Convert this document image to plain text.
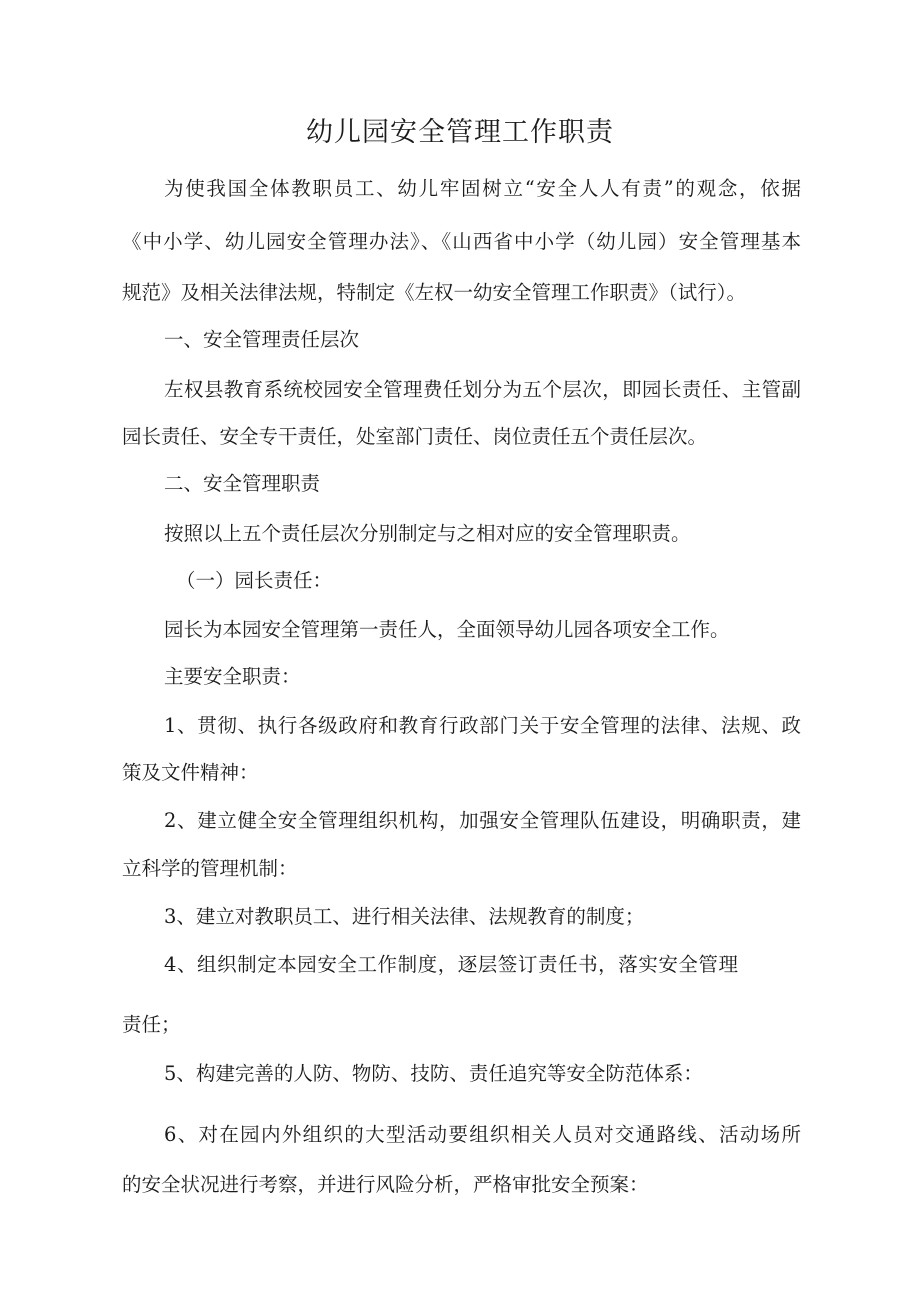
幼儿园安全管理工作职责
为使我国全体教职员工、幼儿牢固树立“安全人人有责”的观念，依据
《中小学、幼儿园安全管理办法》、《山西省中小学（幼儿园）安全管理基本
规范》及相关法律法规，特制定《左权一幼安全管理工作职责》（试行）。
一、安全管理责任层次
左权县教育系统校园安全管理费任划分为五个层次，即园长责任、主管副
园长责任、安全专干责任，处室部门责任、岗位责任五个责任层次。
二、安全管理职责
按照以上五个责任层次分别制定与之相对应的安全管理职责。
（一）园长责任：
园长为本园安全管理第一责任人，全面领导幼儿园各项安全工作。
主要安全职责：
1、贯彻、执行各级政府和教育行政部门关于安全管理的法律、法规、政
策及文件精神：
2、建立健全安全管理组织机构，加强安全管理队伍建设，明确职责，建
立科学的管理机制：
3、建立对教职员工、进行相关法律、法规教育的制度；
4、组织制定本园安全工作制度，逐层签订责任书，落实安全管理
责任；
5、构建完善的人防、物防、技防、责任追究等安全防范体系：
6、对在园内外组织的大型活动要组织相关人员对交通路线、活动场所
的安全状况进行考察，并进行风险分析，严格审批安全预案：
